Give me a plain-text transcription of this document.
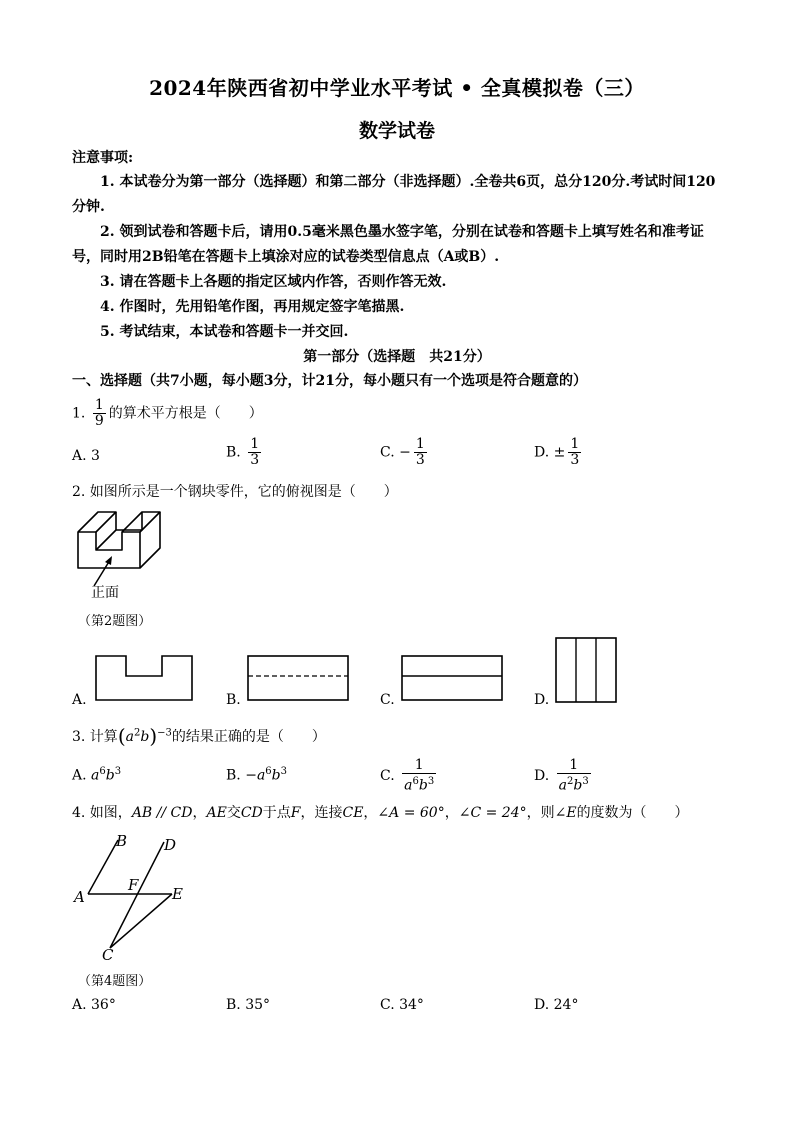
2024年陕西省初中学业水平考试 • 全真模拟卷（三）
数学试卷
注意事项:
1. 本试卷分为第一部分（选择题）和第二部分（非选择题）.全卷共6页，总分120分.考试时间120分钟.
2. 领到试卷和答题卡后，请用0.5毫米黑色墨水签字笔，分别在试卷和答题卡上填写姓名和准考证号，同时用2B铅笔在答题卡上填涂对应的试卷类型信息点（A或B）.
3. 请在答题卡上各题的指定区域内作答，否则作答无效.
4. 作图时，先用铅笔作图，再用规定签字笔描黑.
5. 考试结束，本试卷和答题卡一并交回.
第一部分（选择题　共21分）
一、选择题（共7小题，每小题3分，计21分，每小题只有一个选项是符合题意的）
1. $\frac{1}{9}$ 的算术平方根是（　　）
A. 3	B. $\frac{1}{3}$	C. − $\frac{1}{3}$	D. ± $\frac{1}{3}$
2. 如图所示是一个钢块零件，它的俯视图是（　　）
正面
（第2题图）
A.	B.	C.	D.
3. 计算$(a^2b)^{-3}$的结果正确的是（　　）
A. $a^6b^3$	B. $-a^6b^3$	C. $\frac{1}{a^6b^3}$	D. $\frac{1}{a^2b^3}$
4. 如图，AB // CD，AE交CD于点F，连接CE，∠A = 60°，∠C = 24°，则∠E的度数为（　　）
B D
A
F E
C
（第4题图）
A. 36°	B. 35°	C. 34°	D. 24°
